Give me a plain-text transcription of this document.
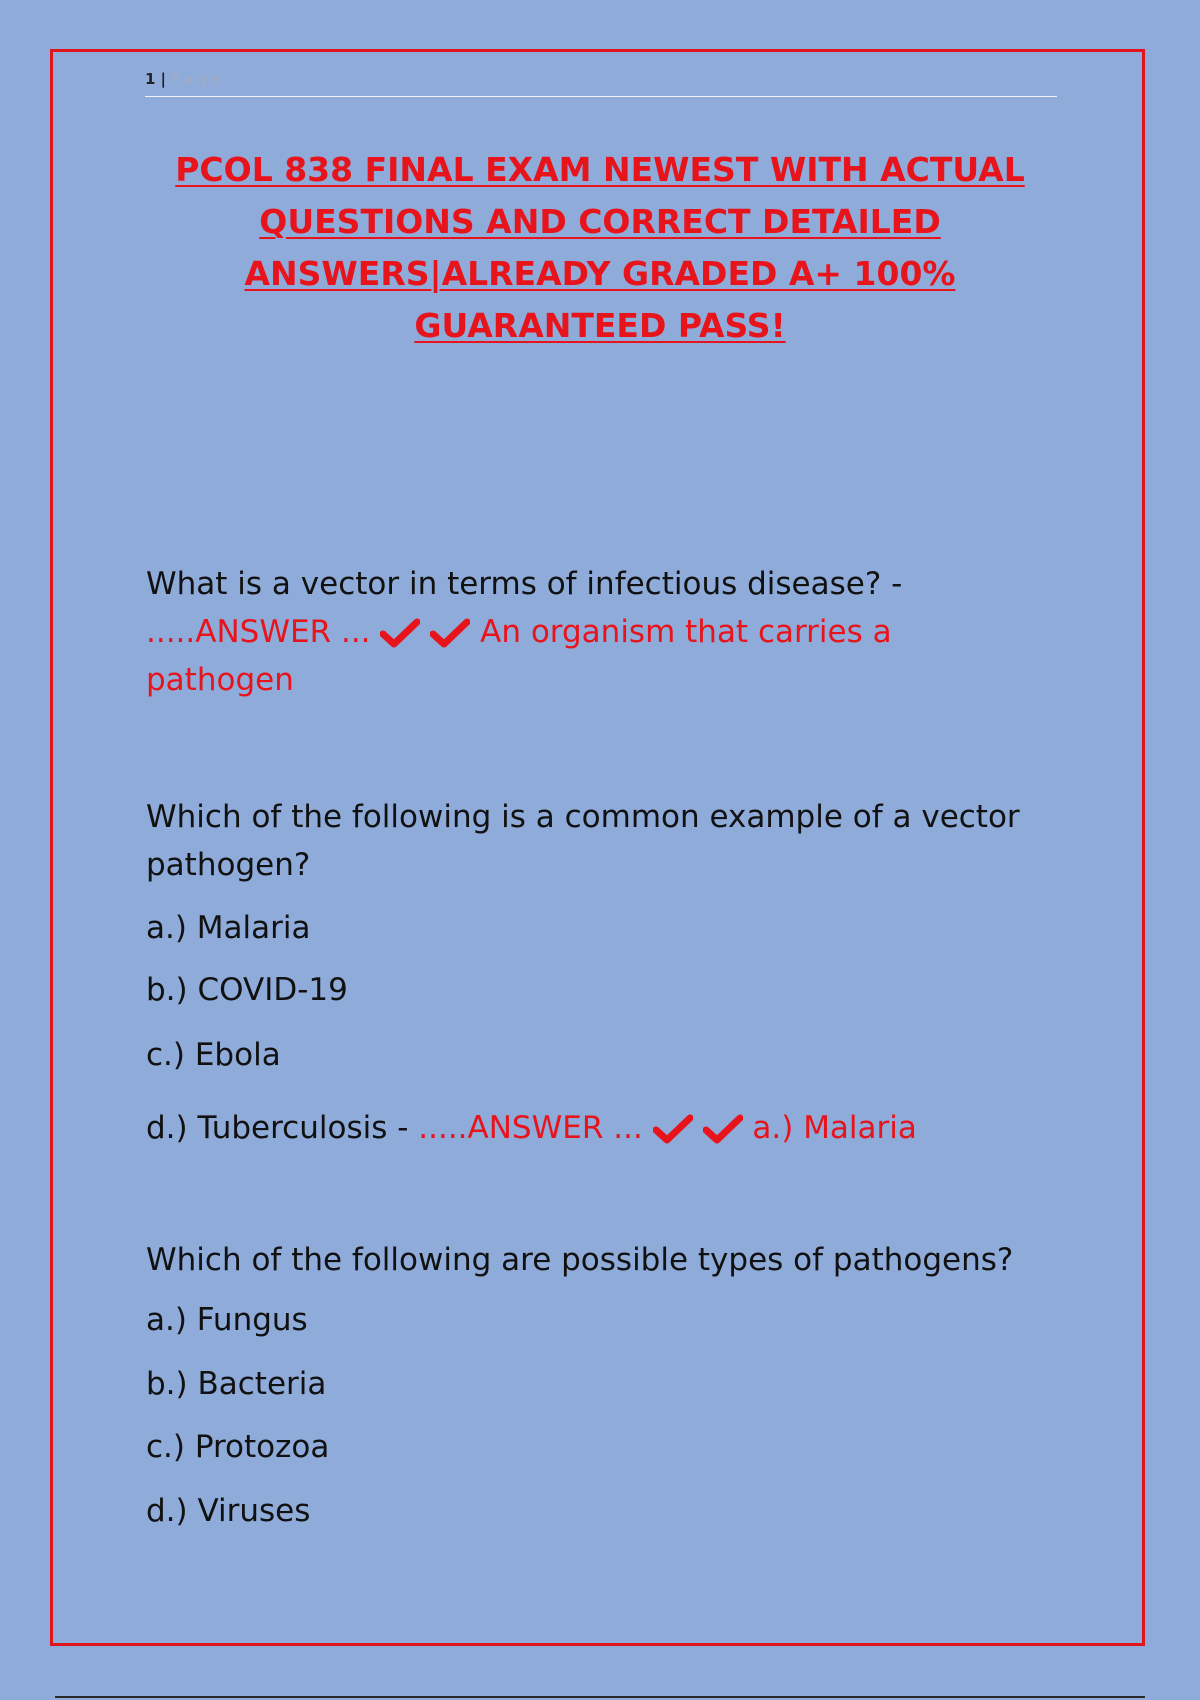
1 | Page
PCOL 838 FINAL EXAM NEWEST WITH ACTUAL
QUESTIONS AND CORRECT DETAILED
ANSWERS|ALREADY GRADED A+ 100%
GUARANTEED PASS!
What is a vector in terms of infectious disease? -
.....ANSWER ...	An organism that carries a
pathogen
Which of the following is a common example of a vector
pathogen?
a.) Malaria
b.) COVID-19
c.) Ebola
d.) Tuberculosis - .....ANSWER ...	a.) Malaria
Which of the following are possible types of pathogens?
a.) Fungus
b.) Bacteria
c.) Protozoa
d.) Viruses
